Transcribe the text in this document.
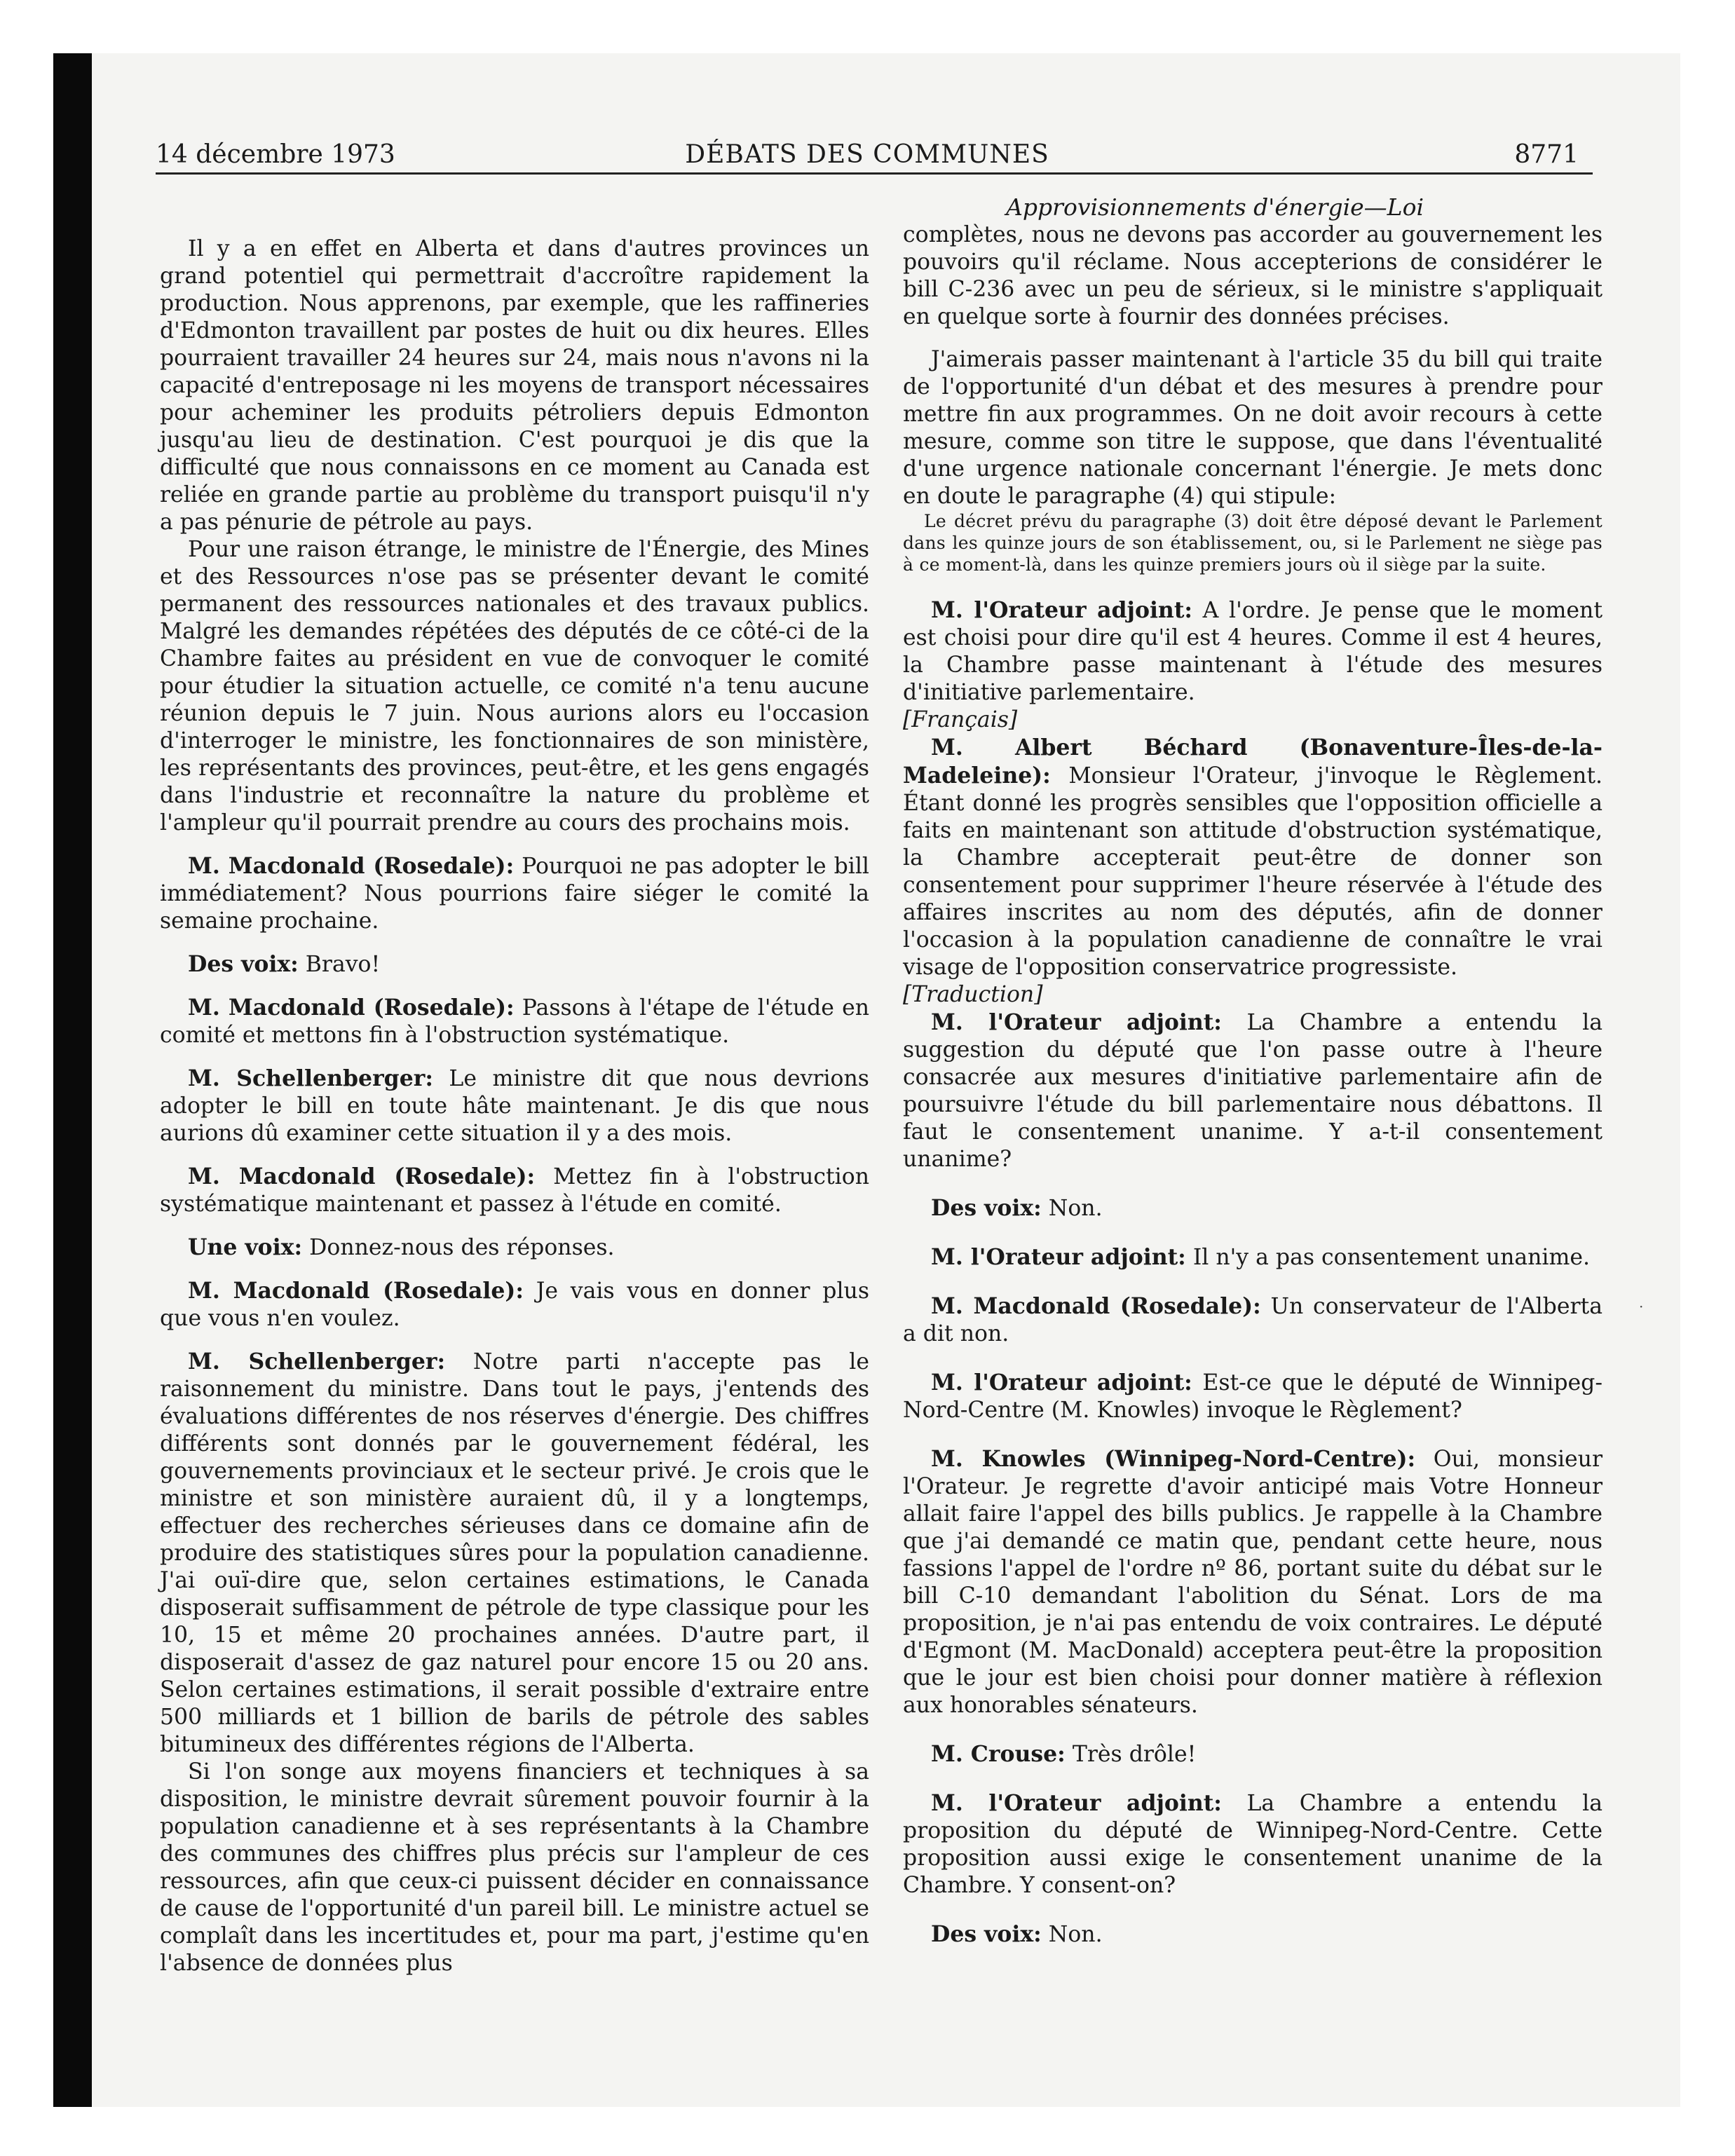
14 décembre 1973	DÉBATS DES COMMUNES	8771

Il y a en effet en Alberta et dans d'autres provinces un grand potentiel qui permettrait d'accroître rapidement la production. Nous apprenons, par exemple, que les raffineries d'Edmonton travaillent par postes de huit ou dix heures. Elles pourraient travailler 24 heures sur 24, mais nous n'avons ni la capacité d'entreposage ni les moyens de transport nécessaires pour acheminer les produits pétroliers depuis Edmonton jusqu'au lieu de destination. C'est pourquoi je dis que la difficulté que nous connaissons en ce moment au Canada est reliée en grande partie au problème du transport puisqu'il n'y a pas pénurie de pétrole au pays.

Pour une raison étrange, le ministre de l'Énergie, des Mines et des Ressources n'ose pas se présenter devant le comité permanent des ressources nationales et des travaux publics. Malgré les demandes répétées des députés de ce côté-ci de la Chambre faites au président en vue de convoquer le comité pour étudier la situation actuelle, ce comité n'a tenu aucune réunion depuis le 7 juin. Nous aurions alors eu l'occasion d'interroger le ministre, les fonctionnaires de son ministère, les représentants des provinces, peut-être, et les gens engagés dans l'industrie et reconnaître la nature du problème et l'ampleur qu'il pourrait prendre au cours des prochains mois.

M. Macdonald (Rosedale): Pourquoi ne pas adopter le bill immédiatement? Nous pourrions faire siéger le comité la semaine prochaine.

Des voix: Bravo!

M. Macdonald (Rosedale): Passons à l'étape de l'étude en comité et mettons fin à l'obstruction systématique.

M. Schellenberger: Le ministre dit que nous devrions adopter le bill en toute hâte maintenant. Je dis que nous aurions dû examiner cette situation il y a des mois.

M. Macdonald (Rosedale): Mettez fin à l'obstruction systématique maintenant et passez à l'étude en comité.

Une voix: Donnez-nous des réponses.

M. Macdonald (Rosedale): Je vais vous en donner plus que vous n'en voulez.

M. Schellenberger: Notre parti n'accepte pas le raisonnement du ministre. Dans tout le pays, j'entends des évaluations différentes de nos réserves d'énergie. Des chiffres différents sont donnés par le gouvernement fédéral, les gouvernements provinciaux et le secteur privé. Je crois que le ministre et son ministère auraient dû, il y a longtemps, effectuer des recherches sérieuses dans ce domaine afin de produire des statistiques sûres pour la population canadienne. J'ai ouï-dire que, selon certaines estimations, le Canada disposerait suffisamment de pétrole de type classique pour les 10, 15 et même 20 prochaines années. D'autre part, il disposerait d'assez de gaz naturel pour encore 15 ou 20 ans. Selon certaines estimations, il serait possible d'extraire entre 500 milliards et 1 billion de barils de pétrole des sables bitumineux des différentes régions de l'Alberta.

Si l'on songe aux moyens financiers et techniques à sa disposition, le ministre devrait sûrement pouvoir fournir à la population canadienne et à ses représentants à la Chambre des communes des chiffres plus précis sur l'ampleur de ces ressources, afin que ceux-ci puissent décider en connaissance de cause de l'opportunité d'un pareil bill. Le ministre actuel se complaît dans les incertitudes et, pour ma part, j'estime qu'en l'absence de données plus

Approvisionnements d'énergie—Loi

complètes, nous ne devons pas accorder au gouvernement les pouvoirs qu'il réclame. Nous accepterions de considérer le bill C-236 avec un peu de sérieux, si le ministre s'appliquait en quelque sorte à fournir des données précises.

J'aimerais passer maintenant à l'article 35 du bill qui traite de l'opportunité d'un débat et des mesures à prendre pour mettre fin aux programmes. On ne doit avoir recours à cette mesure, comme son titre le suppose, que dans l'éventualité d'une urgence nationale concernant l'énergie. Je mets donc en doute le paragraphe (4) qui stipule:

Le décret prévu du paragraphe (3) doit être déposé devant le Parlement dans les quinze jours de son établissement, ou, si le Parlement ne siège pas à ce moment-là, dans les quinze premiers jours où il siège par la suite.

M. l'Orateur adjoint: A l'ordre. Je pense que le moment est choisi pour dire qu'il est 4 heures. Comme il est 4 heures, la Chambre passe maintenant à l'étude des mesures d'initiative parlementaire.

[Français]

M. Albert Béchard (Bonaventure-Îles-de-la-Madeleine): Monsieur l'Orateur, j'invoque le Règlement. Étant donné les progrès sensibles que l'opposition officielle a faits en maintenant son attitude d'obstruction systématique, la Chambre accepterait peut-être de donner son consentement pour supprimer l'heure réservée à l'étude des affaires inscrites au nom des députés, afin de donner l'occasion à la population canadienne de connaître le vrai visage de l'opposition conservatrice progressiste.

[Traduction]

M. l'Orateur adjoint: La Chambre a entendu la suggestion du député que l'on passe outre à l'heure consacrée aux mesures d'initiative parlementaire afin de poursuivre l'étude du bill parlementaire nous débattons. Il faut le consentement unanime. Y a-t-il consentement unanime?

Des voix: Non.

M. l'Orateur adjoint: Il n'y a pas consentement unanime.

M. Macdonald (Rosedale): Un conservateur de l'Alberta a dit non.

M. l'Orateur adjoint: Est-ce que le député de Winnipeg-Nord-Centre (M. Knowles) invoque le Règlement?

M. Knowles (Winnipeg-Nord-Centre): Oui, monsieur l'Orateur. Je regrette d'avoir anticipé mais Votre Honneur allait faire l'appel des bills publics. Je rappelle à la Chambre que j'ai demandé ce matin que, pendant cette heure, nous fassions l'appel de l'ordre nº 86, portant suite du débat sur le bill C-10 demandant l'abolition du Sénat. Lors de ma proposition, je n'ai pas entendu de voix contraires. Le député d'Egmont (M. MacDonald) acceptera peut-être la proposition que le jour est bien choisi pour donner matière à réflexion aux honorables sénateurs.

M. Crouse: Très drôle!

M. l'Orateur adjoint: La Chambre a entendu la proposition du député de Winnipeg-Nord-Centre. Cette proposition aussi exige le consentement unanime de la Chambre. Y consent-on?

Des voix: Non.

·
